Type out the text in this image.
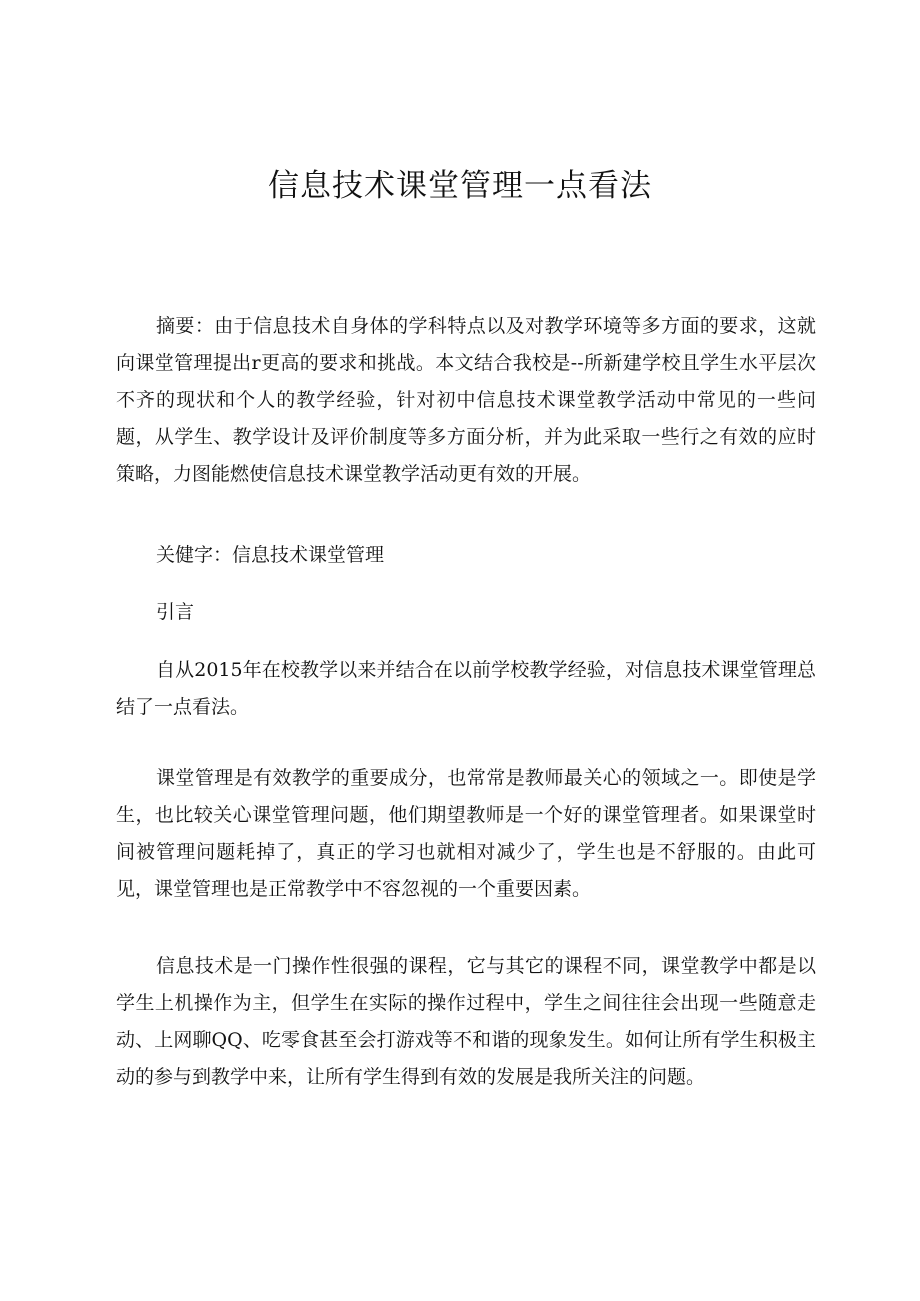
信息技术课堂管理一点看法

摘要：由于信息技术自身体的学科特点以及对教学环境等多方面的要求，这就向课堂管理提出r更高的要求和挑战。本文结合我校是--所新建学校且学生水平层次不齐的现状和个人的教学经验，针对初中信息技术课堂教学活动中常见的一些问题，从学生、教学设计及评价制度等多方面分析，并为此采取一些行之有效的应时策略，力图能燃使信息技术课堂教学活动更有效的开展。

关健字：信息技术课堂管理

引言

自从2015年在校教学以来并结合在以前学校教学经验，对信息技术课堂管理总结了一点看法。

课堂管理是有效教学的重要成分，也常常是教师最关心的领域之一。即使是学生，也比较关心课堂管理问题，他们期望教师是一个好的课堂管理者。如果课堂时间被管理问题耗掉了，真正的学习也就相对减少了，学生也是不舒服的。由此可见，课堂管理也是正常教学中不容忽视的一个重要因素。

信息技术是一门操作性很强的课程，它与其它的课程不同，课堂教学中都是以学生上机操作为主，但学生在实际的操作过程中，学生之间往往会出现一些随意走动、上网聊QQ、吃零食甚至会打游戏等不和谐的现象发生。如何让所有学生积极主动的参与到教学中来，让所有学生得到有效的发展是我所关注的问题。
